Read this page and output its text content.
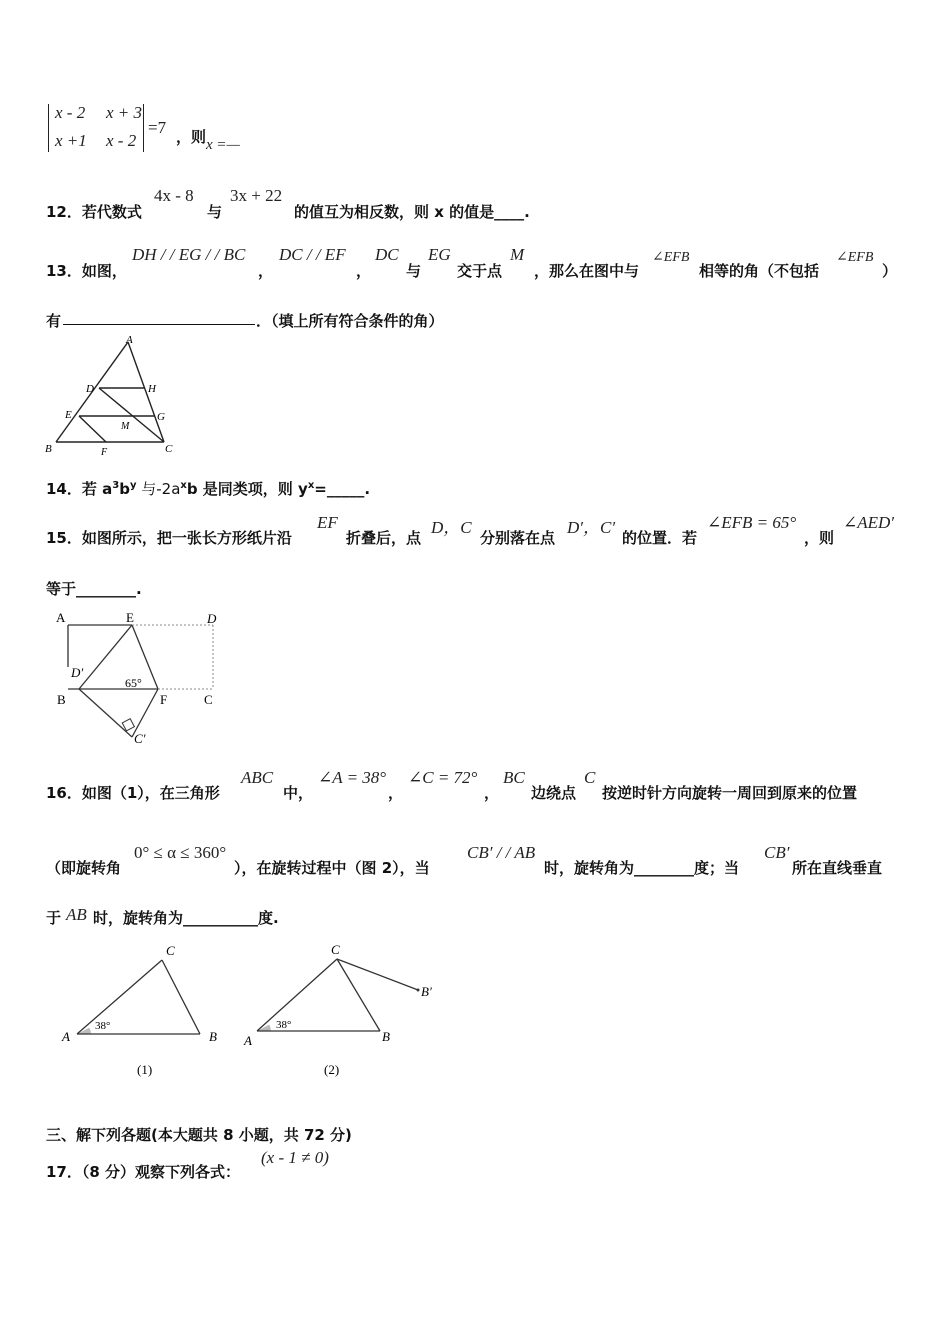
x - 2 x + 3
x +1 x - 2
=7 ，则 x =—
12．若代数式
4x - 8
与
3x + 22
的值互为相反数，则 x 的值是____.
13．如图，
DH / / EG / / BC
，
DC / / EF
，
DC
与
EG
交于点
M
，那么在图中与
∠EFB
相等的角（不包括
∠EFB
）
有	．（填上所有符合条件的角）
A
D	H
E	G
M
B	F	C
14．若 $a^3b^y$ 与$-2a^xb$ 是同类项，则 $y^x=\_\_\_\_\_$.
15．如图所示，把一张长方形纸片沿
EF
折叠后，点
D，C
分别落在点
D′，C′
的位置．若
∠EFB = 65°
，则
∠AED′
等于________.
A	E	D
D′
65°
B	F	C
C′
16．如图（1），在三角形
ABC
中，
∠A = 38°
，
∠C = 72°
，
BC
边绕点
C
按逆时针方向旋转一周回到原来的位置
（即旋转角
0° ≤ α ≤ 360°
），在旋转过程中（图 2），当
CB′ / / AB
时，旋转角为________度；当
CB′
所在直线垂直
于 AB 时，旋转角为__________度.
C
38°
A	B
(1)
C
B′
38°
A	B
(2)
三、解下列各题(本大题共 8 小题，共 72 分)
17．（8 分）观察下列各式：
(x - 1 ≠ 0)
